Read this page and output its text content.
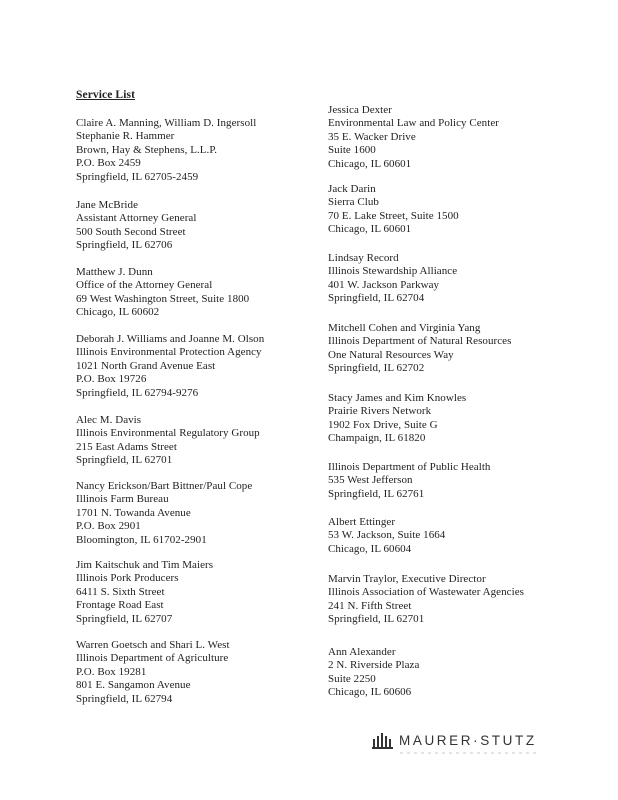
Service List
Claire A. Manning, William D. Ingersoll
Stephanie R. Hammer
Brown, Hay & Stephens, L.L.P.
P.O. Box 2459
Springfield, IL 62705-2459
Jane McBride
Assistant Attorney General
500 South Second Street
Springfield, IL 62706
Matthew J. Dunn
Office of the Attorney General
69 West Washington Street, Suite 1800
Chicago, IL 60602
Deborah J. Williams and Joanne M. Olson
Illinois Environmental Protection Agency
1021 North Grand Avenue East
P.O. Box 19726
Springfield, IL 62794-9276
Alec M. Davis
Illinois Environmental Regulatory Group
215 East Adams Street
Springfield, IL 62701
Nancy Erickson/Bart Bittner/Paul Cope
Illinois Farm Bureau
1701 N. Towanda Avenue
P.O. Box 2901
Bloomington, IL 61702-2901
Jim Kaitschuk and Tim Maiers
Illinois Pork Producers
6411 S. Sixth Street
Frontage Road East
Springfield, IL 62707
Warren Goetsch and Shari L. West
Illinois Department of Agriculture
P.O. Box 19281
801 E. Sangamon Avenue
Springfield, IL 62794
Jessica Dexter
Environmental Law and Policy Center
35 E. Wacker Drive
Suite 1600
Chicago, IL 60601
Jack Darin
Sierra Club
70 E. Lake Street, Suite 1500
Chicago, IL 60601
Lindsay Record
Illinois Stewardship Alliance
401 W. Jackson Parkway
Springfield, IL 62704
Mitchell Cohen and Virginia Yang
Illinois Department of Natural Resources
One Natural Resources Way
Springfield, IL 62702
Stacy James and Kim Knowles
Prairie Rivers Network
1902 Fox Drive, Suite G
Champaign, IL 61820
Illinois Department of Public Health
535 West Jefferson
Springfield, IL 62761
Albert Ettinger
53 W. Jackson, Suite 1664
Chicago, IL 60604
Marvin Traylor, Executive Director
Illinois Association of Wastewater Agencies
241 N. Fifth Street
Springfield, IL 62701
Ann Alexander
2 N. Riverside Plaza
Suite 2250
Chicago, IL 60606
MAURER·STUTZ
